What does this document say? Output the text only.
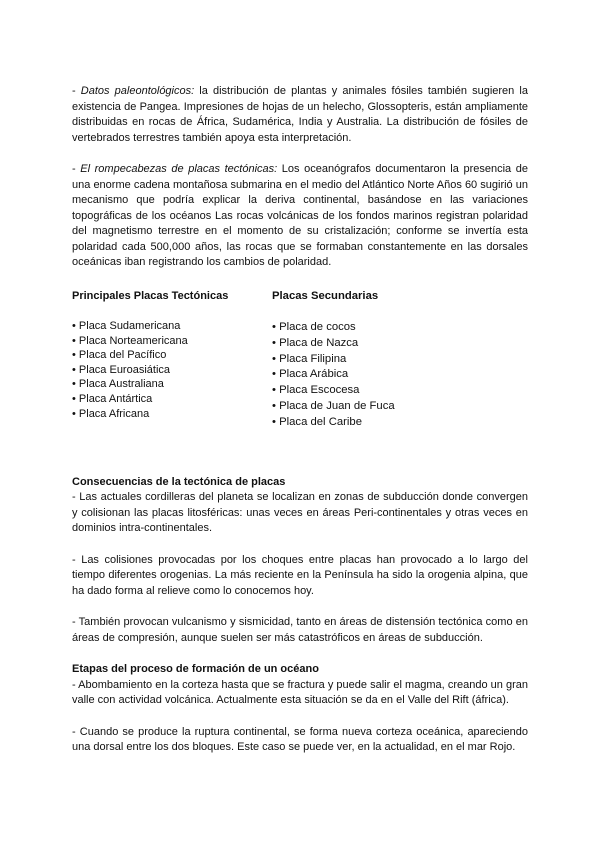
- Datos paleontológicos: la distribución de plantas y animales fósiles también sugieren la existencia de Pangea. Impresiones de hojas de un helecho, Glossopteris, están ampliamente distribuidas en rocas de África, Sudamérica, India y Australia. La distribución de fósiles de vertebrados terrestres también apoya esta interpretación.

- El rompecabezas de placas tectónicas: Los oceanógrafos documentaron la presencia de una enorme cadena montañosa submarina en el medio del Atlántico Norte Años 60 sugirió un mecanismo que podría explicar la deriva continental, basándose en las variaciones topográficas de los océanos Las rocas volcánicas de los fondos marinos registran polaridad del magnetismo terrestre en el momento de su cristalización; conforme se invertía esta polaridad cada 500,000 años, las rocas que se formaban constantemente en las dorsales oceánicas iban registrando los cambios de polaridad.

Principales Placas Tectónicas
• Placa Sudamericana
• Placa Norteamericana
• Placa del Pacífico
• Placa Euroasiática
• Placa Australiana
• Placa Antártica
• Placa Africana
Placas Secundarias
• Placa de cocos
• Placa de Nazca
• Placa Filipina
• Placa Arábica
• Placa Escocesa
• Placa de Juan de Fuca
• Placa del Caribe

Consecuencias de la tectónica de placas

- Las actuales cordilleras del planeta se localizan en zonas de subducción donde convergen y colisionan las placas litosféricas: unas veces en áreas Peri-continentales y otras veces en dominios intra-continentales.

- Las colisiones provocadas por los choques entre placas han provocado a lo largo del tiempo diferentes orogenias. La más reciente en la Península ha sido la orogenia alpina, que ha dado forma al relieve como lo conocemos hoy.

- También provocan vulcanismo y sismicidad, tanto en áreas de distensión tectónica como en áreas de compresión, aunque suelen ser más catastróficos en áreas de subducción.

Etapas del proceso de formación de un océano

- Abombamiento en la corteza hasta que se fractura y puede salir el magma, creando un gran valle con actividad volcánica. Actualmente esta situación se da en el Valle del Rift (áfrica).

- Cuando se produce la ruptura continental, se forma nueva corteza oceánica, apareciendo una dorsal entre los dos bloques. Este caso se puede ver, en la actualidad, en el mar Rojo.
